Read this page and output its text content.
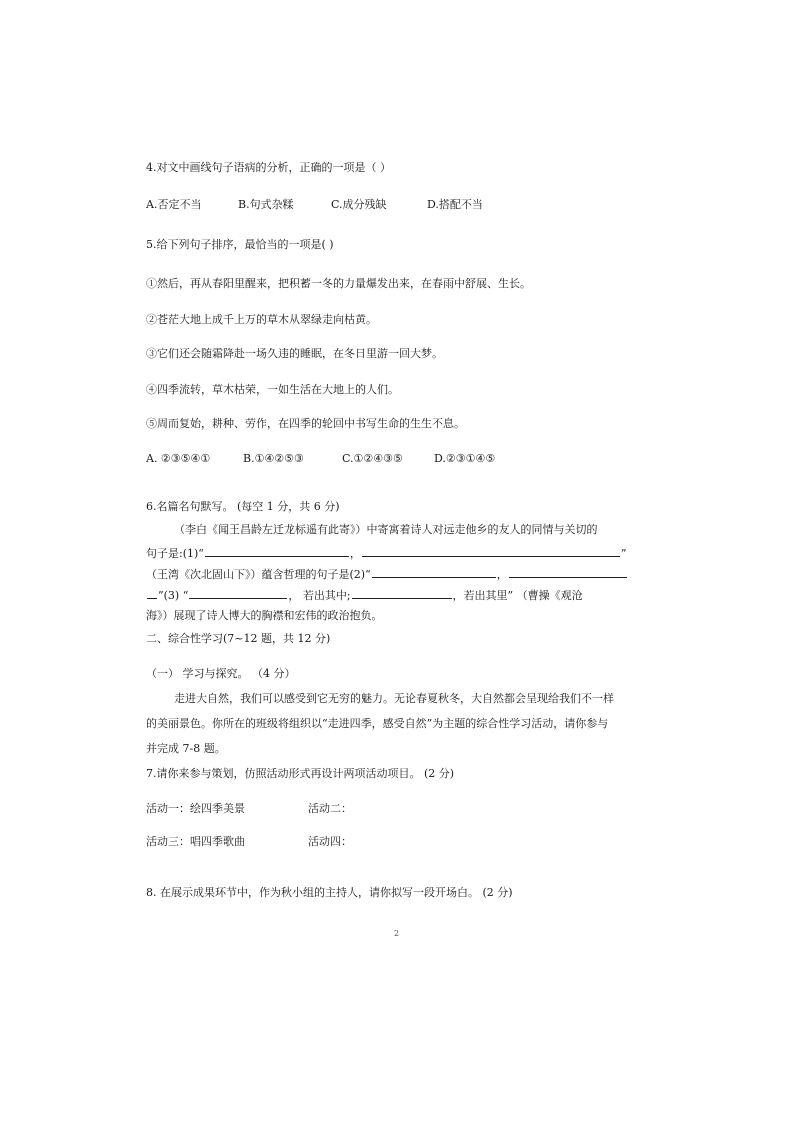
4.对文中画线句子语病的分析，正确的一项是（ ）
A.否定不当	B.句式杂糅	C.成分残缺	D.搭配不当
5.给下列句子排序，最恰当的一项是( )
①然后，再从春阳里醒来，把积蓄一冬的力量爆发出来，在春雨中舒展、生长。
②苍茫大地上成千上万的草木从翠绿走向枯黄。
③它们还会随霜降赴一场久违的睡眠，在冬日里游一回大梦。
④四季流转，草木枯荣，一如生活在大地上的人们。
⑤周而复始，耕种、劳作，在四季的轮回中书写生命的生生不息。
A. ②③⑤④①	B.①④②⑤③	C.①②④③⑤	D.②③①④⑤
6.名篇名句默写。 (每空 1 分，共 6 分)
（李白《闻王昌龄左迁龙标遥有此寄》）中寄寓着诗人对远走他乡的友人的同情与关切的
句子是:(1)“	，	”
（王湾《次北固山下》）蕴含哲理的句子是(2)“	，
”(3) “	， 若出其中;	，若出其里” （曹操《观沧
海》）展现了诗人博大的胸襟和宏伟的政治抱负。
二、综合性学习(7~12 题，共 12 分)
（一） 学习与探究。 （4 分）
走进大自然，我们可以感受到它无穷的魅力。无论春夏秋冬，大自然都会呈现给我们不一样
的美丽景色。你所在的班级将组织以“走进四季，感受自然”为主题的综合性学习活动，请你参与
并完成 7-8 题。
7.请你来参与策划，仿照活动形式再设计两项活动项目。 (2 分)
活动一：绘四季美景	活动二：
活动三：唱四季歌曲	活动四：
8. 在展示成果环节中，作为秋小组的主持人，请你拟写一段开场白。 (2 分)
2
